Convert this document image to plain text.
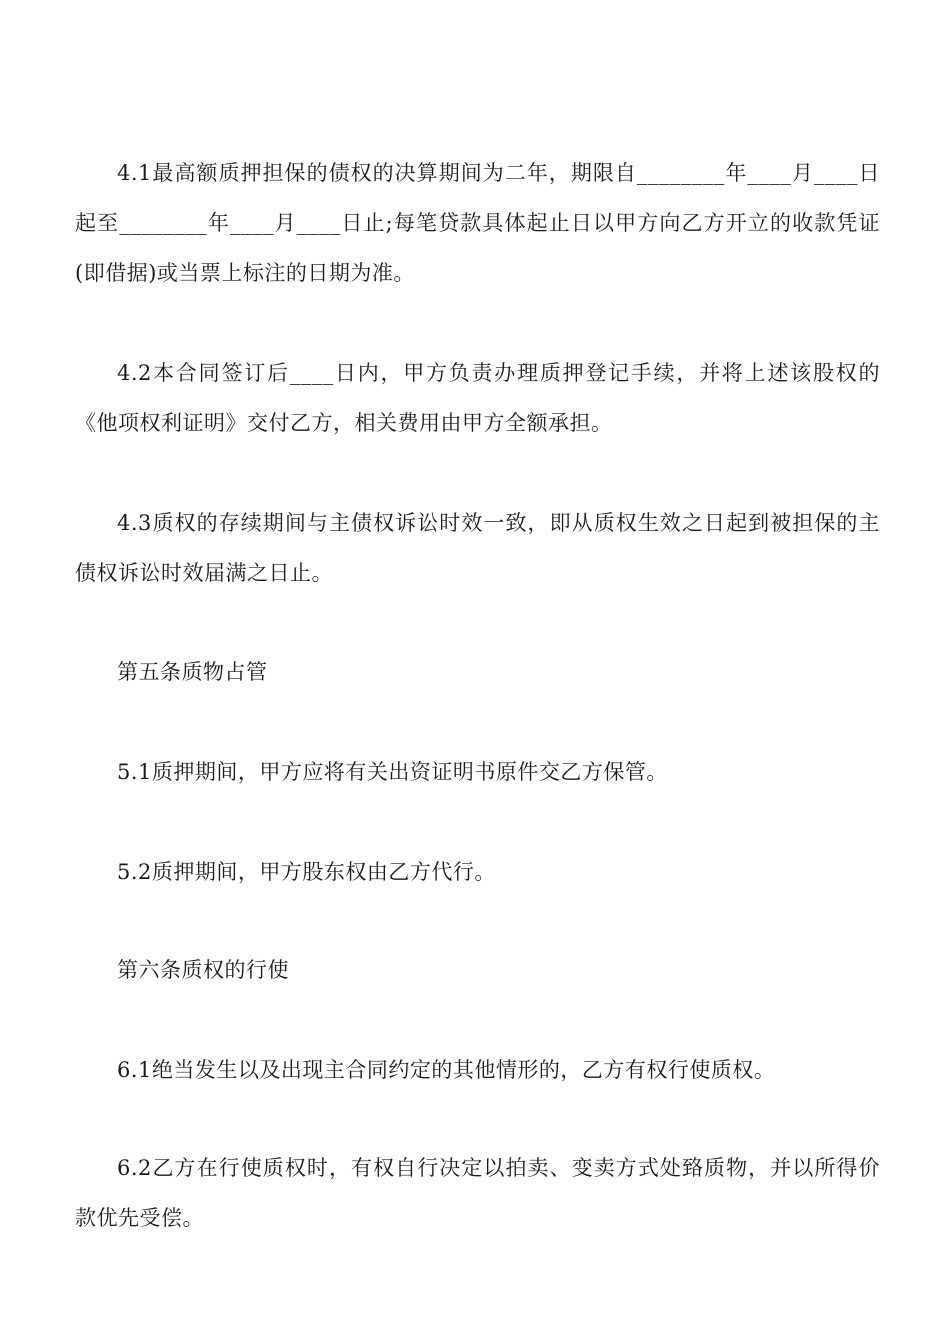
4.1最高额质押担保的债权的决算期间为二年，期限自________年____月____日起至________年____月____日止;每笔贷款具体起止日以甲方向乙方开立的收款凭证(即借据)或当票上标注的日期为准。

4.2本合同签订后____日内，甲方负责办理质押登记手续，并将上述该股权的《他项权利证明》交付乙方，相关费用由甲方全额承担。

4.3质权的存续期间与主债权诉讼时效一致，即从质权生效之日起到被担保的主债权诉讼时效届满之日止。

第五条质物占管

5.1质押期间，甲方应将有关出资证明书原件交乙方保管。

5.2质押期间，甲方股东权由乙方代行。

第六条质权的行使

6.1绝当发生以及出现主合同约定的其他情形的，乙方有权行使质权。

6.2乙方在行使质权时，有权自行决定以拍卖、变卖方式处臵质物，并以所得价款优先受偿。
